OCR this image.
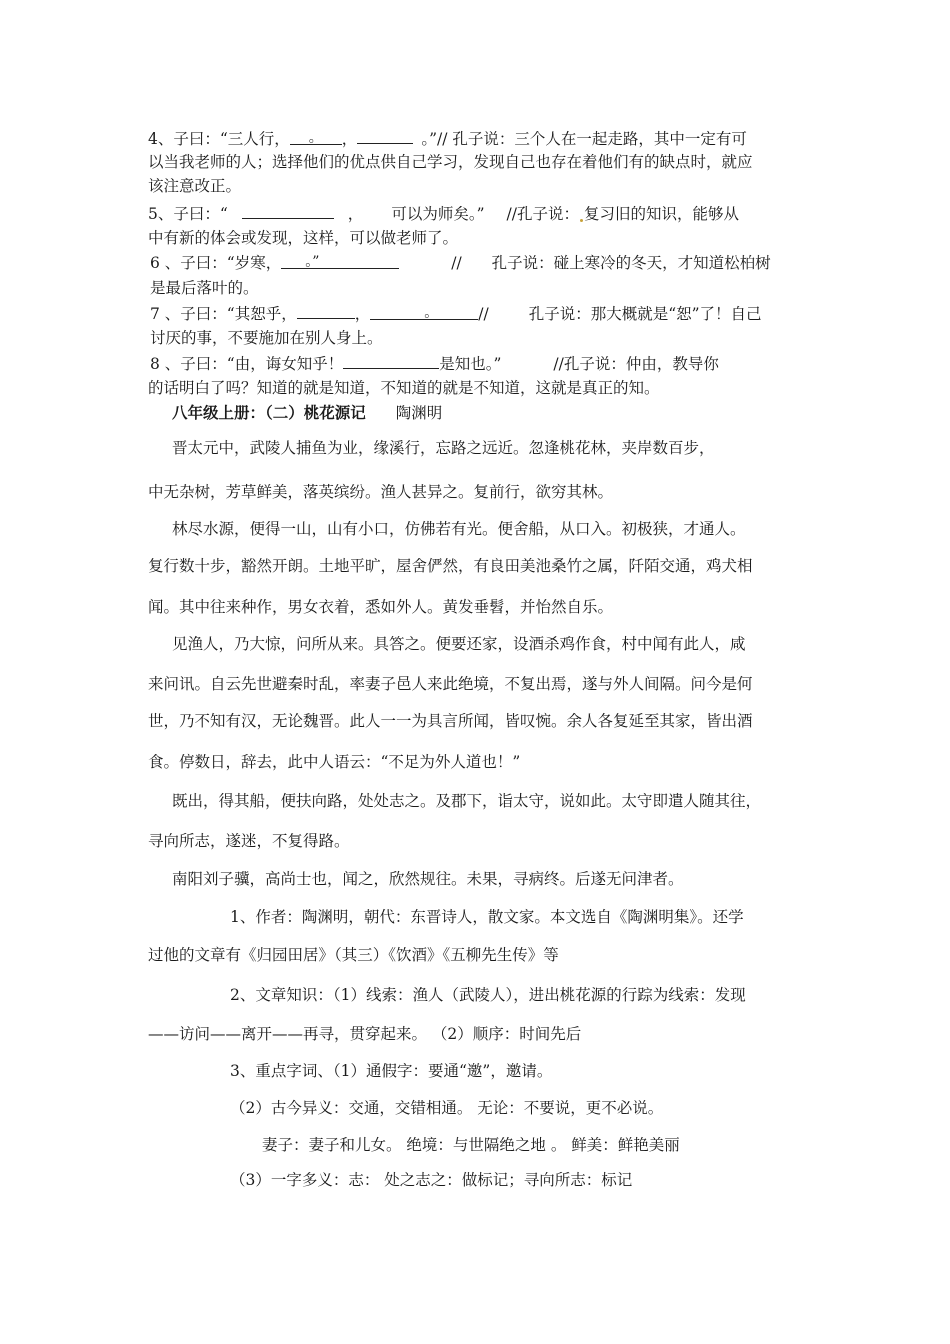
4、子曰：“三人行， 。 ，	。”// 孔子说：三个人在一起走路，其中一定有可
以当我老师的人；选择他们的优点供自己学习，发现自己也存在着他们有的缺点时，就应
该注意改正。
5、子曰：“	， 可以为师矣。” //孔子说： 复习旧的知识，能够从
中有新的体会或发现，这样，可以做老师了。
6 、子曰：“岁寒， 。”	// 孔子说：碰上寒冷的冬天，才知道松柏树
是最后落叶的。
7 、子曰：“其恕乎，	，	。	//	孔子说：那大概就是“恕”了！自己
讨厌的事，不要施加在别人身上。
8 、子曰：“由，诲女知乎！	是知也。”	//孔子说：仲由，教导你
的话明白了吗？知道的就是知道，不知道的就是不知道，这就是真正的知。
八年级上册：（二）桃花源记 陶渊明
晋太元中，武陵人捕鱼为业，缘溪行，忘路之远近。忽逢桃花林，夹岸数百步，
中无杂树，芳草鲜美，落英缤纷。渔人甚异之。复前行，欲穷其林。
林尽水源，便得一山，山有小口，仿佛若有光。便舍船，从口入。初极狭，才通人。
复行数十步，豁然开朗。土地平旷，屋舍俨然，有良田美池桑竹之属，阡陌交通，鸡犬相
闻。其中往来种作，男女衣着，悉如外人。黄发垂髫，并怡然自乐。
见渔人，乃大惊，问所从来。具答之。便要还家，设酒杀鸡作食，村中闻有此人，咸
来问讯。自云先世避秦时乱，率妻子邑人来此绝境，不复出焉，遂与外人间隔。问今是何
世，乃不知有汉，无论魏晋。此人一一为具言所闻，皆叹惋。余人各复延至其家，皆出酒
食。停数日，辞去，此中人语云：“不足为外人道也！”
既出，得其船，便扶向路，处处志之。及郡下，诣太守，说如此。太守即遣人随其往，
寻向所志，遂迷，不复得路。
南阳刘子骥，高尚士也，闻之，欣然规往。未果，寻病终。后遂无问津者。
1、作者：陶渊明，朝代：东晋诗人，散文家。本文选自《陶渊明集》。还学
过他的文章有《归园田居》（其三）《饮酒》《五柳先生传》等
2、文章知识：（1）线索：渔人（武陵人），进出桃花源的行踪为线索：发现
——访问——离开——再寻，贯穿起来。 （2）顺序：时间先后
3、重点字词、（1）通假字：要通“邀”，邀请。
（2）古今异义：交通，交错相通。 无论：不要说，更不必说。
妻子：妻子和儿女。 绝境：与世隔绝之地 。 鲜美：鲜艳美丽
（3）一字多义：志： 处之志之：做标记；寻向所志：标记
